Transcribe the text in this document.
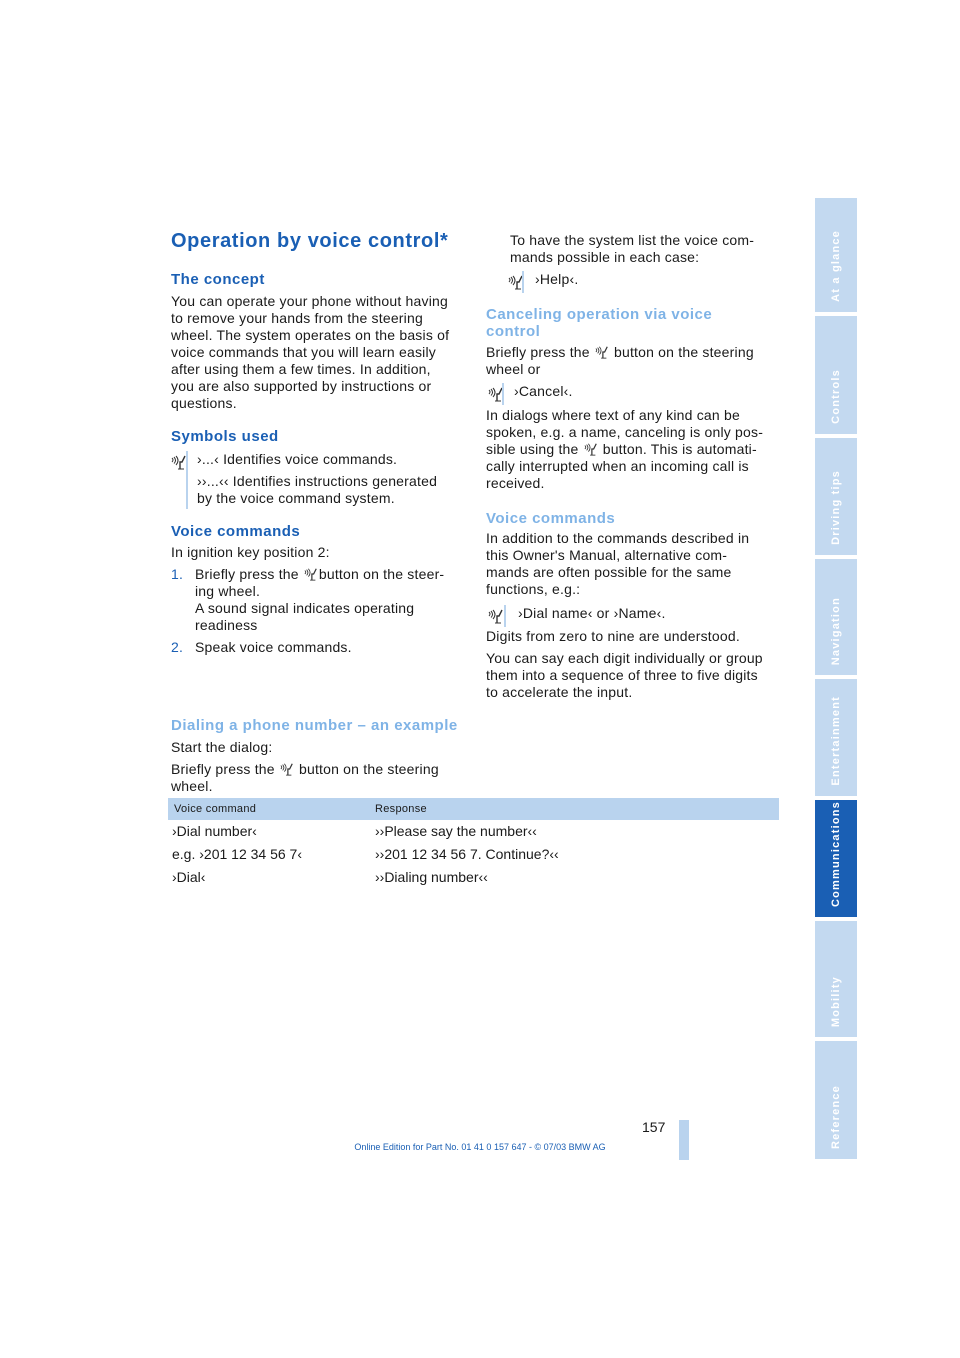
Operation by voice control*
The concept

You can operate your phone without having

to remove your hands from the steering

wheel. The system operates on the basis of

voice commands that you will learn easily

after using them a few times. In addition,

you are also supported by instructions or

questions.

Symbols used
›...‹ Identifies voice commands.

››...‹‹ Identifies instructions generated

by the voice command system.

Voice commands
In ignition key position 2:

1. Briefly press the button on the steer-

ing wheel.

A sound signal indicates operating

readiness

2. Speak voice commands.

To have the system list the voice com-

mands possible in each case:

›Help‹.

Canceling operation via voice

control

Briefly press the button on the steering

wheel or

›Cancel‹.

In dialogs where text of any kind can be

spoken, e.g. a name, canceling is only pos-

sible using the button. This is automati-

cally interrupted when an incoming call is

received.

Voice commands

In addition to the commands described in

this Owner's Manual, alternative com-

mands are often possible for the same

functions, e.g.:

›Dial name‹ or ›Name‹.
Digits from zero to nine are understood.

You can say each digit individually or group

them into a sequence of three to five digits

to accelerate the input.

Dialing a phone number – an example
Start the dialog:

Briefly press the button on the steering

wheel.

Voice command	Response
›Dial number‹	››Please say the number‹‹
e.g. ›201 12 34 56 7‹	››201 12 34 56 7. Continue?‹‹
›Dial‹	››Dialing number‹‹
At a glance
Controls
Driving tips
Navigation
Entertainment
Communications
Mobility
Reference
157
Online Edition for Part No. 01 41 0 157 647 - © 07/03 BMW AG
